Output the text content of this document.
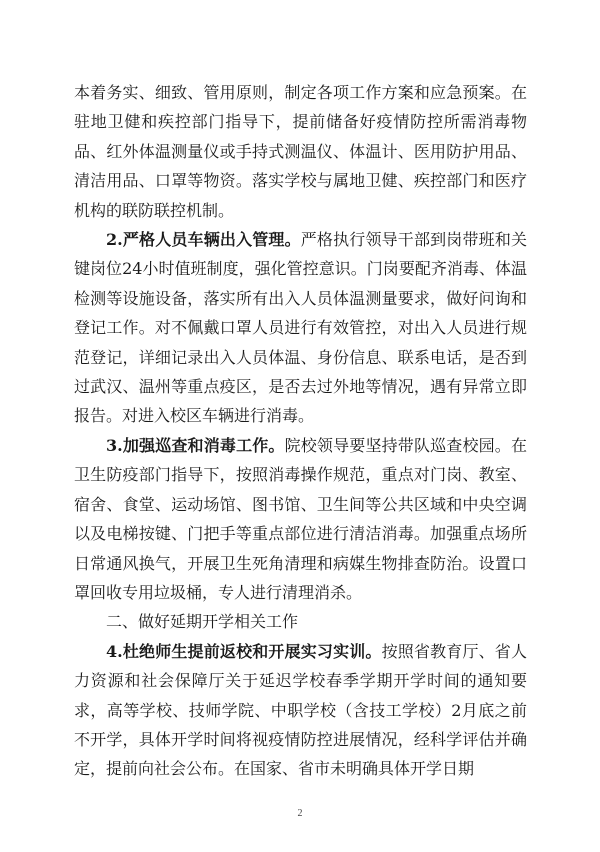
本着务实、细致、管用原则，制定各项工作方案和应急预案。在驻地卫健和疾控部门指导下，提前储备好疫情防控所需消毒物品、红外体温测量仪或手持式测温仪、体温计、医用防护用品、清洁用品、口罩等物资。落实学校与属地卫健、疾控部门和医疗机构的联防联控机制。

2.严格人员车辆出入管理。严格执行领导干部到岗带班和关键岗位24小时值班制度，强化管控意识。门岗要配齐消毒、体温检测等设施设备，落实所有出入人员体温测量要求，做好问询和登记工作。对不佩戴口罩人员进行有效管控，对出入人员进行规范登记，详细记录出入人员体温、身份信息、联系电话，是否到过武汉、温州等重点疫区，是否去过外地等情况，遇有异常立即报告。对进入校区车辆进行消毒。

3.加强巡查和消毒工作。院校领导要坚持带队巡查校园。在卫生防疫部门指导下，按照消毒操作规范，重点对门岗、教室、宿舍、食堂、运动场馆、图书馆、卫生间等公共区域和中央空调以及电梯按键、门把手等重点部位进行清洁消毒。加强重点场所日常通风换气，开展卫生死角清理和病媒生物排查防治。设置口罩回收专用垃圾桶，专人进行清理消杀。

二、做好延期开学相关工作

4.杜绝师生提前返校和开展实习实训。按照省教育厅、省人力资源和社会保障厅关于延迟学校春季学期开学时间的通知要求，高等学校、技师学院、中职学校（含技工学校）2月底之前不开学，具体开学时间将视疫情防控进展情况，经科学评估并确定，提前向社会公布。在国家、省市未明确具体开学日期

2
